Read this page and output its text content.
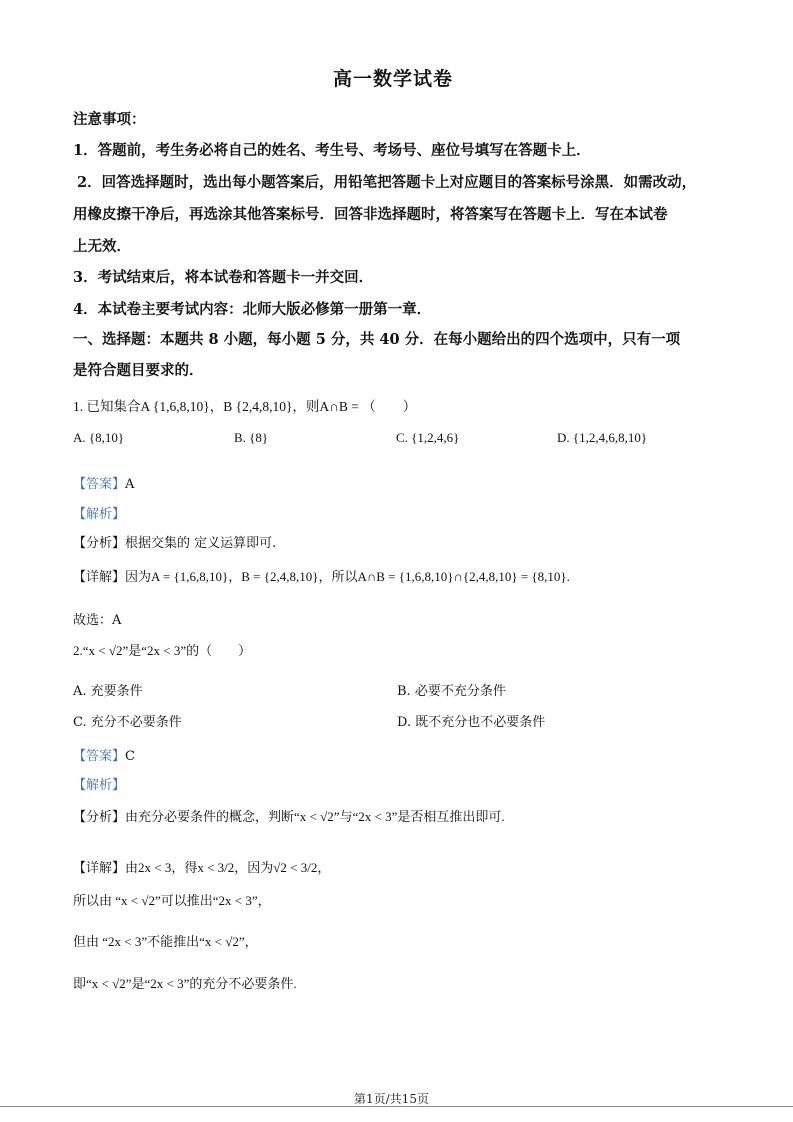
高一数学试卷
注意事项：
1．答题前，考生务必将自己的姓名、考生号、考场号、座位号填写在答题卡上．
2．回答选择题时，选出每小题答案后，用铅笔把答题卡上对应题目的答案标号涂黑．如需改动，
用橡皮擦干净后，再选涂其他答案标号．回答非选择题时，将答案写在答题卡上．写在本试卷
上无效．
3．考试结束后，将本试卷和答题卡一并交回．
4．本试卷主要考试内容：北师大版必修第一册第一章．
一、选择题：本题共 8 小题，每小题 5 分，共 40 分．在每小题给出的四个选项中，只有一项
是符合题目要求的．
1. 已知集合A {1,6,8,10}，B {2,4,8,10}，则A∩B = （　　）
A. {8,10}	B. {8}	C. {1,2,4,6}	D. {1,2,4,6,8,10}
【答案】A
【解析】
【分析】根据交集的 定义运算即可.
【详解】因为A = {1,6,8,10}，B = {2,4,8,10}，所以A∩B = {1,6,8,10}∩{2,4,8,10} = {8,10}.
故选：A
2.“x < √2”是“2x < 3”的（　　）
A. 充要条件	B. 必要不充分条件
C. 充分不必要条件	D. 既不充分也不必要条件
【答案】C
【解析】
【分析】由充分必要条件的概念，判断“x < √2”与“2x < 3”是否相互推出即可.
【详解】由2x < 3，得x < 3/2，因为√2 < 3/2，
所以由 “x < √2”可以推出“2x < 3”，
但由 “2x < 3”不能推出“x < √2”，
即“x < √2”是“2x < 3”的充分不必要条件.
第1页/共15页
